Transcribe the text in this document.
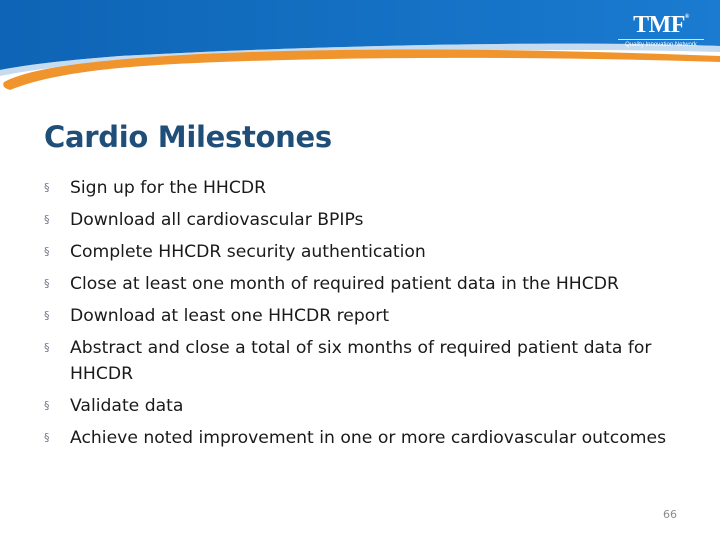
TMF®
Quality Innovation Network
Cardio Milestones
§ Sign up for the HHCDR
§ Download all cardiovascular BPIPs
§ Complete HHCDR security authentication
§ Close at least one month of required patient data in the HHCDR
§ Download at least one HHCDR report
§ Abstract and close a total of six months of required patient data for HHCDR
§ Validate data
§ Achieve noted improvement in one or more cardiovascular outcomes
66
